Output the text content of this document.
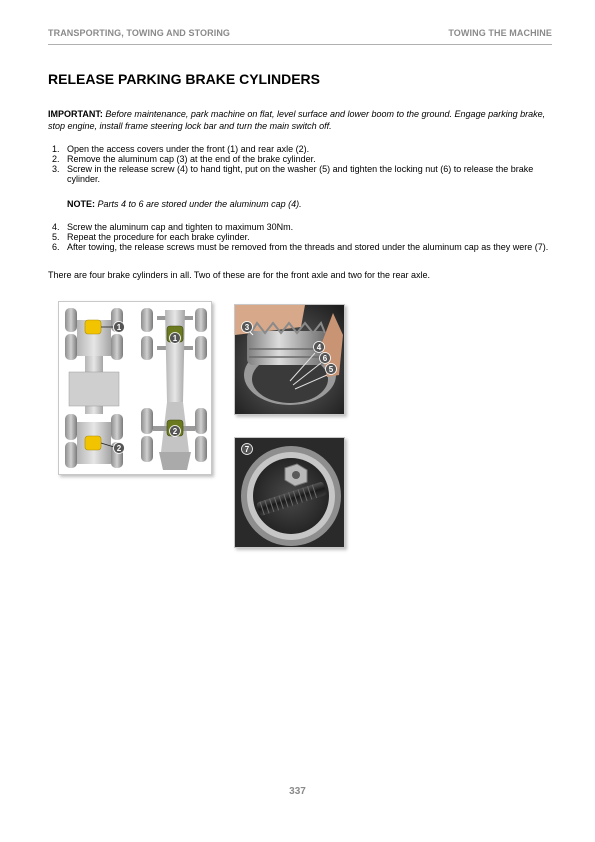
TRANSPORTING, TOWING AND STORING	TOWING THE MACHINE
RELEASE PARKING BRAKE CYLINDERS
IMPORTANT: Before maintenance, park machine on flat, level surface and lower boom to the ground. Engage parking brake, stop engine, install frame steering lock bar and turn the main switch off.
1. Open the access covers under the front (1) and rear axle (2).
2. Remove the aluminum cap (3) at the end of the brake cylinder.
3. Screw in the release screw (4) to hand tight, put on the washer (5) and tighten the locking nut (6) to release the brake cylinder.
NOTE: Parts 4 to 6 are stored under the aluminum cap (4).
4. Screw the aluminum cap and tighten to maximum 30Nm.
5. Repeat the procedure for each brake cylinder.
6. After towing, the release screws must be removed from the threads and stored under the aluminum cap as they were (7).
There are four brake cylinders in all. Two of these are for the front axle and two for the rear axle.
1
2
1
2
3
4
6
5
7
337
